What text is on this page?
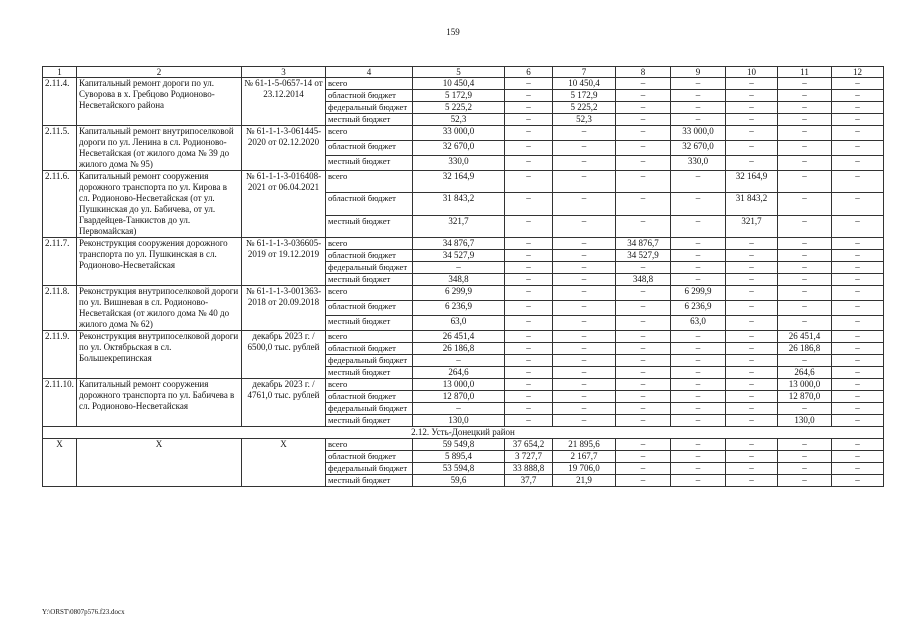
159
1	2	3	4	5	6	7	8	9	10	11	12
2.11.4.	Капитальный ремонт дороги по ул. Суворова в х. Гребцово Родионово-Несветайского района	№ 61-1-5-0657-14 от 23.12.2014	всего	10 450,4	–	10 450,4	–	–	–	–	–
			областной бюджет	5 172,9	–	5 172,9	–	–	–	–	–
			федеральный бюджет	5 225,2	–	5 225,2	–	–	–	–	–
			местный бюджет	52,3	–	52,3	–	–	–	–	–
2.11.5.	Капитальный ремонт внутрипоселковой дороги по ул. Ленина в сл. Родионово-Несветайская (от жилого дома № 39 до жилого дома № 95)	№ 61-1-1-3-061445-2020 от 02.12.2020	всего	33 000,0	–	–	–	33 000,0	–	–	–
			областной бюджет	32 670,0	–	–	–	32 670,0	–	–	–
			местный бюджет	330,0	–	–	–	330,0	–	–	–
2.11.6.	Капитальный ремонт сооружения дорожного транспорта по ул. Кирова в сл. Родионово-Несветайская (от ул. Пушкинская до ул. Бабичева, от ул. Гвардейцев-Танкистов до ул. Первомайская)	№ 61-1-1-3-016408-2021 от 06.04.2021	всего	32 164,9	–	–	–	–	32 164,9	–	–
			областной бюджет	31 843,2	–	–	–	–	31 843,2	–	–
			местный бюджет	321,7	–	–	–	–	321,7	–	–
2.11.7.	Реконструкция сооружения дорожного транспорта по ул. Пушкинская в сл. Родионово-Несветайская	№ 61-1-1-3-036605-2019 от 19.12.2019	всего	34 876,7	–	–	34 876,7	–	–	–	–
			областной бюджет	34 527,9	–	–	34 527,9	–	–	–	–
			федеральный бюджет	–	–	–	–	–	–	–	–
			местный бюджет	348,8	–	–	348,8	–	–	–	–
2.11.8.	Реконструкция внутрипоселковой дороги по ул. Вишневая в сл. Родионово-Несветайская (от жилого дома № 40 до жилого дома № 62)	№ 61-1-1-3-001363-2018 от 20.09.2018	всего	6 299,9	–	–	–	6 299,9	–	–	–
			областной бюджет	6 236,9	–	–	–	6 236,9	–	–	–
			местный бюджет	63,0	–	–	–	63,0	–	–	–
2.11.9.	Реконструкция внутрипоселковой дороги по ул. Октябрьская в сл. Большекрепинская	декабрь 2023 г. / 6500,0 тыс. рублей	всего	26 451,4	–	–	–	–	–	26 451,4	–
			областной бюджет	26 186,8	–	–	–	–	–	26 186,8	–
			федеральный бюджет	–	–	–	–	–	–	–	–
			местный бюджет	264,6	–	–	–	–	–	264,6	–
2.11.10.	Капитальный ремонт сооружения дорожного транспорта по ул. Бабичева в сл. Родионово-Несветайская	декабрь 2023 г. / 4761,0 тыс. рублей	всего	13 000,0	–	–	–	–	–	13 000,0	–
			областной бюджет	12 870,0	–	–	–	–	–	12 870,0	–
			федеральный бюджет	–	–	–	–	–	–	–	–
			местный бюджет	130,0	–	–	–	–	–	130,0	–
2.12. Усть-Донецкий район											
X	X	X	всего	59 549,8	37 654,2	21 895,6	–	–	–	–	–
			областной бюджет	5 895,4	3 727,7	2 167,7	–	–	–	–	–
			федеральный бюджет	53 594,8	33 888,8	19 706,0	–	–	–	–	–
			местный бюджет	59,6	37,7	21,9	–	–	–	–	–
Y:\ORST\0807p576.f23.docx
